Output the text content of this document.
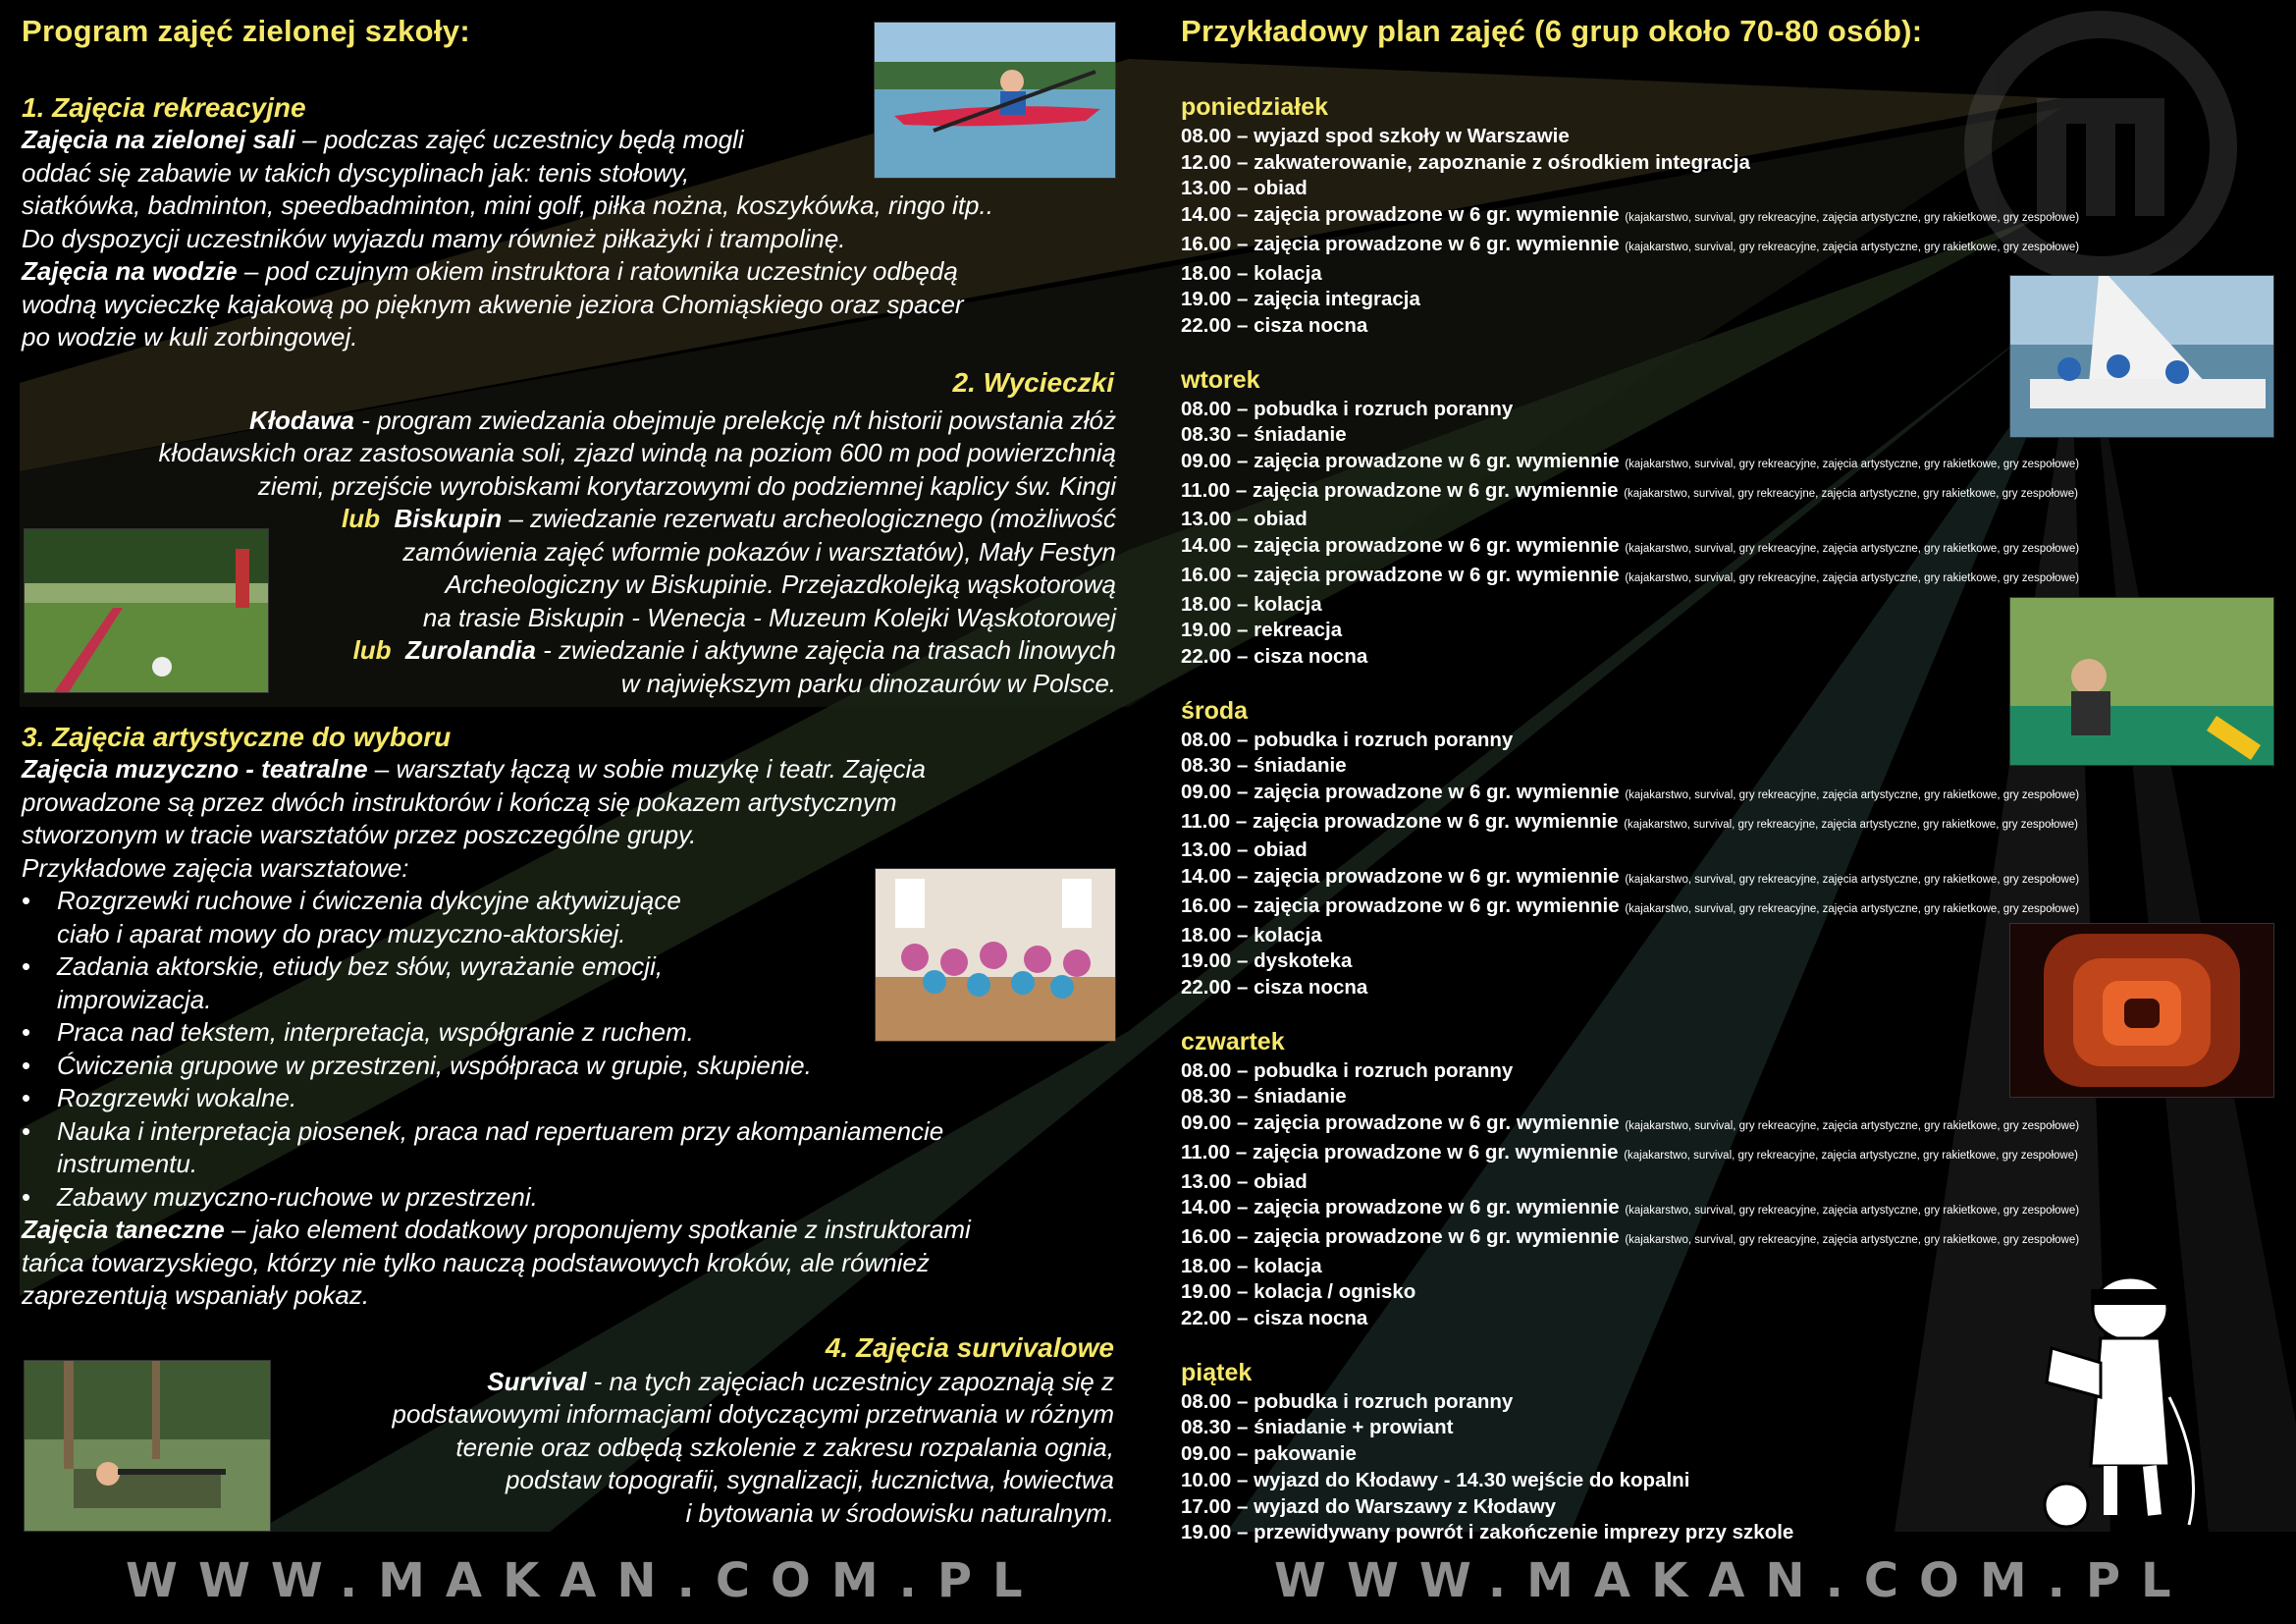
Program zajęć zielonej szkoły:

1. Zajęcia rekreacyjne

Zajęcia na zielonej sali – podczas zajęć uczestnicy będą mogli
oddać się zabawie w takich dyscyplinach jak: tenis stołowy,
siatkówka, badminton, speedbadminton, mini golf, piłka nożna, koszykówka, ringo itp..
Do dyspozycji uczestników wyjazdu mamy również piłkażyki i trampolinę.
Zajęcia na wodzie – pod czujnym okiem instruktora i ratownika uczestnicy odbędą
wodną wycieczkę kajakową po pięknym akwenie jeziora Chomiąskiego oraz spacer
po wodzie w kuli zorbingowej.

2. Wycieczki

Kłodawa - program zwiedzania obejmuje prelekcję n/t historii powstania złóż
kłodawskich oraz zastosowania soli, zjazd windą na poziom 600 m pod powierzchnią
ziemi, przejście wyrobiskami korytarzowymi do podziemnej kaplicy św. Kingi
lub Biskupin – zwiedzanie rezerwatu archeologicznego (możliwość
zamówienia zajęć wformie pokazów i warsztatów), Mały Festyn
Archeologiczny w Biskupinie. Przejazdkolejką wąskotorową
na trasie Biskupin - Wenecja - Muzeum Kolejki Wąskotorowej
lub Zurolandia - zwiedzanie i aktywne zajęcia na trasach linowych
w największym parku dinozaurów w Polsce.

3. Zajęcia artystyczne do wyboru

Zajęcia muzyczno - teatralne – warsztaty łączą w sobie muzykę i teatr. Zajęcia
prowadzone są przez dwóch instruktorów i kończą się pokazem artystycznym
stworzonym w tracie warsztatów przez poszczególne grupy.
Przykładowe zajęcia warsztatowe:

• Rozgrzewki ruchowe i ćwiczenia dykcyjne aktywizujące
ciało i aparat mowy do pracy muzyczno-aktorskiej.
• Zadania aktorskie, etiudy bez słów, wyrażanie emocji,
improwizacja.
• Praca nad tekstem, interpretacja, współgranie z ruchem.
• Ćwiczenia grupowe w przestrzeni, współpraca w grupie, skupienie.
• Rozgrzewki wokalne.
• Nauka i interpretacja piosenek, praca nad repertuarem przy akompaniamencie
instrumentu.
• Zabawy muzyczno-ruchowe w przestrzeni.

Zajęcia taneczne – jako element dodatkowy proponujemy spotkanie z instruktorami
tańca towarzyskiego, którzy nie tylko nauczą podstawowych kroków, ale również
zaprezentują wspaniały pokaz.

4. Zajęcia survivalowe

Survival - na tych zajęciach uczestnicy zapoznają się z
podstawowymi informacjami dotyczącymi przetrwania w różnym
terenie oraz odbędą szkolenie z zakresu rozpalania ognia,
podstaw topografii, sygnalizacji, łucznictwa, łowiectwa
i bytowania w środowisku naturalnym.

Przykładowy plan zajęć (6 grup około 70-80 osób):
poniedziałek
08.00 – wyjazd spod szkoły w Warszawie
12.00 – zakwaterowanie, zapoznanie z ośrodkiem integracja
13.00 – obiad
14.00 – zajęcia prowadzone w 6 gr. wymiennie (kajakarstwo, survival, gry rekreacyjne, zajęcia artystyczne, gry rakietkowe, gry zespołowe)
16.00 – zajęcia prowadzone w 6 gr. wymiennie (kajakarstwo, survival, gry rekreacyjne, zajęcia artystyczne, gry rakietkowe, gry zespołowe)
18.00 – kolacja
19.00 – zajęcia integracja
22.00 – cisza nocna
wtorek
08.00 – pobudka i rozruch poranny
08.30 – śniadanie
09.00 – zajęcia prowadzone w 6 gr. wymiennie (kajakarstwo, survival, gry rekreacyjne, zajęcia artystyczne, gry rakietkowe, gry zespołowe)
11.00 – zajęcia prowadzone w 6 gr. wymiennie (kajakarstwo, survival, gry rekreacyjne, zajęcia artystyczne, gry rakietkowe, gry zespołowe)
13.00 – obiad
14.00 – zajęcia prowadzone w 6 gr. wymiennie (kajakarstwo, survival, gry rekreacyjne, zajęcia artystyczne, gry rakietkowe, gry zespołowe)
16.00 – zajęcia prowadzone w 6 gr. wymiennie (kajakarstwo, survival, gry rekreacyjne, zajęcia artystyczne, gry rakietkowe, gry zespołowe)
18.00 – kolacja
19.00 – rekreacja
22.00 – cisza nocna
środa
08.00 – pobudka i rozruch poranny
08.30 – śniadanie
09.00 – zajęcia prowadzone w 6 gr. wymiennie (kajakarstwo, survival, gry rekreacyjne, zajęcia artystyczne, gry rakietkowe, gry zespołowe)
11.00 – zajęcia prowadzone w 6 gr. wymiennie (kajakarstwo, survival, gry rekreacyjne, zajęcia artystyczne, gry rakietkowe, gry zespołowe)
13.00 – obiad
14.00 – zajęcia prowadzone w 6 gr. wymiennie (kajakarstwo, survival, gry rekreacyjne, zajęcia artystyczne, gry rakietkowe, gry zespołowe)
16.00 – zajęcia prowadzone w 6 gr. wymiennie (kajakarstwo, survival, gry rekreacyjne, zajęcia artystyczne, gry rakietkowe, gry zespołowe)
18.00 – kolacja
19.00 – dyskoteka
22.00 – cisza nocna
czwartek
08.00 – pobudka i rozruch poranny
08.30 – śniadanie
09.00 – zajęcia prowadzone w 6 gr. wymiennie (kajakarstwo, survival, gry rekreacyjne, zajęcia artystyczne, gry rakietkowe, gry zespołowe)
11.00 – zajęcia prowadzone w 6 gr. wymiennie (kajakarstwo, survival, gry rekreacyjne, zajęcia artystyczne, gry rakietkowe, gry zespołowe)
13.00 – obiad
14.00 – zajęcia prowadzone w 6 gr. wymiennie (kajakarstwo, survival, gry rekreacyjne, zajęcia artystyczne, gry rakietkowe, gry zespołowe)
16.00 – zajęcia prowadzone w 6 gr. wymiennie (kajakarstwo, survival, gry rekreacyjne, zajęcia artystyczne, gry rakietkowe, gry zespołowe)
18.00 – kolacja
19.00 – kolacja / ognisko
22.00 – cisza nocna
piątek
08.00 – pobudka i rozruch poranny
08.30 – śniadanie + prowiant
09.00 – pakowanie
10.00 – wyjazd do Kłodawy - 14.30 wejście do kopalni
17.00 – wyjazd do Warszawy z Kłodawy
19.00 – przewidywany powrót i zakończenie imprezy przy szkole
WWW.MAKAN.COM.PL	WWW.MAKAN.COM.PL
